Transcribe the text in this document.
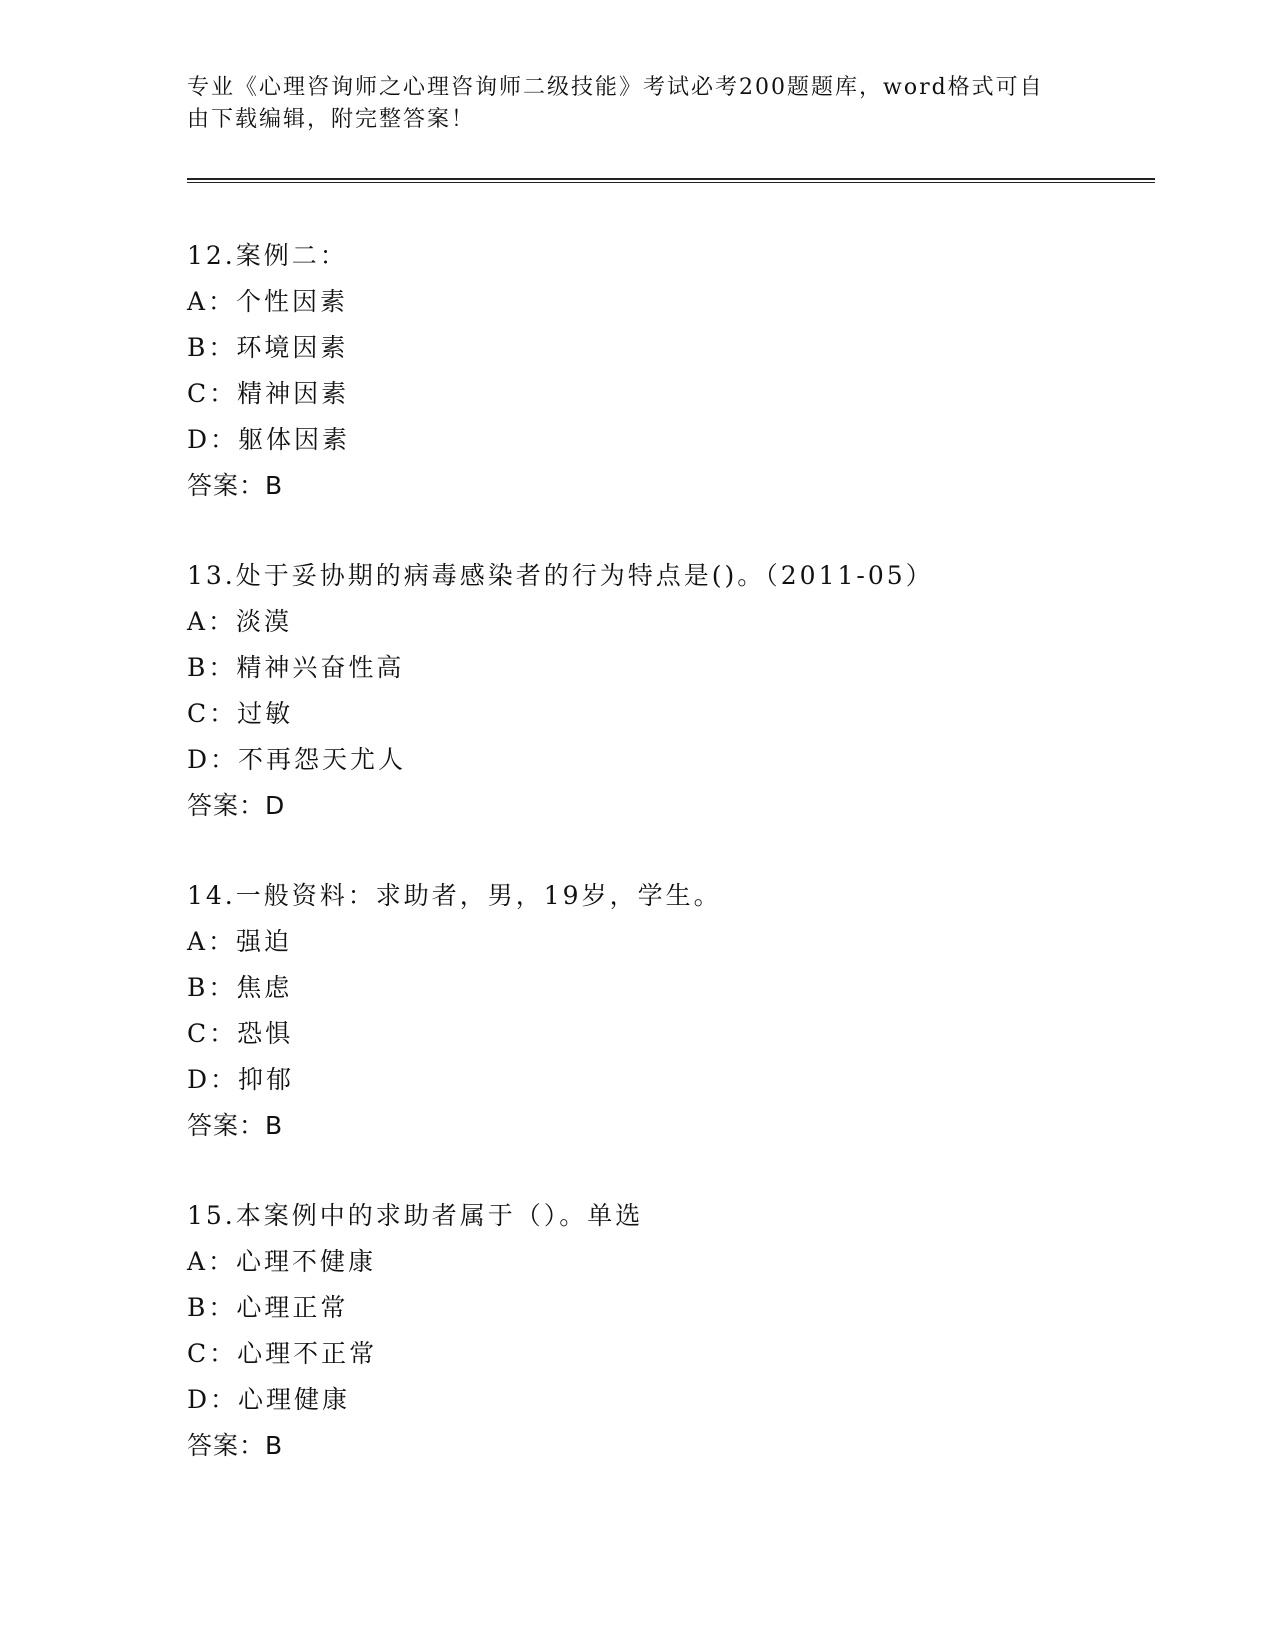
专业《心理咨询师之心理咨询师二级技能》考试必考200题题库，word格式可自
由下载编辑，附完整答案！
12.案例二：
A：个性因素
B：环境因素
C：精神因素
D：躯体因素
答案：B
13.处于妥协期的病毒感染者的行为特点是()。（2011-05）
A：淡漠
B：精神兴奋性高
C：过敏
D：不再怨天尤人
答案：D
14.一般资料：求助者，男，19岁，学生。
A：强迫
B：焦虑
C：恐惧
D：抑郁
答案：B
15.本案例中的求助者属于（）。单选
A：心理不健康
B：心理正常
C：心理不正常
D：心理健康
答案：B
